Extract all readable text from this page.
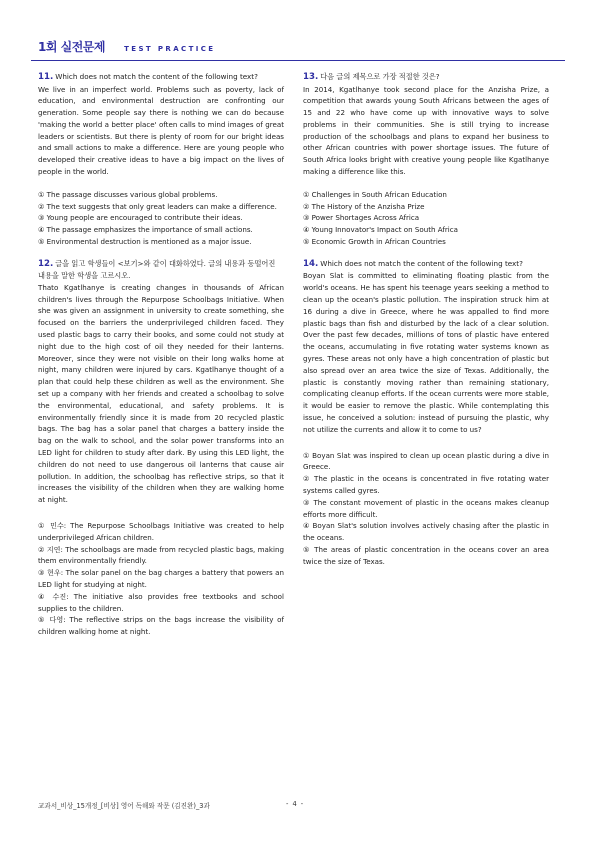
1회 실전문제	TEST PRACTICE
11. Which does not match the content of the following text?

We live in an imperfect world. Problems such as poverty, lack of education, and environmental destruction are confronting our generation. Some people say there is nothing we can do because 'making the world a better place' often calls to mind images of great leaders or scientists. But there is plenty of room for our bright ideas and small actions to make a difference. Here are young people who developed their creative ideas to have a big impact on the lives of people in the world.

① The passage discusses various global problems.

② The text suggests that only great leaders can make a difference.

③ Young people are encouraged to contribute their ideas.

④ The passage emphasizes the importance of small actions.

⑤ Environmental destruction is mentioned as a major issue.

12. 글을 읽고 학생들이 <보기>와 같이 대화하였다. 글의 내용과 동떨어진 내용을 말한 학생을 고르시오.

Thato Kgatlhanye is creating changes in thousands of African children's lives through the Repurpose Schoolbags Initiative. When she was given an assignment in university to create something, she focused on the barriers the underprivileged children faced. They used plastic bags to carry their books, and some could not study at night due to the high cost of oil they needed for their lanterns. Moreover, since they were not visible on their long walks home at night, many children were injured by cars. Kgatlhanye thought of a plan that could help these children as well as the environment. She set up a company with her friends and created a schoolbag to solve the environmental, educational, and safety problems. It is environmentally friendly since it is made from 20 recycled plastic bags. The bag has a solar panel that charges a battery inside the bag on the walk to school, and the solar power transforms into an LED light for children to study after dark. By using this LED light, the children do not need to use dangerous oil lanterns that cause air pollution. In addition, the schoolbag has reflective strips, so that it increases the visibility of the children when they are walking home at night.

① 민수: The Repurpose Schoolbags Initiative was created to help underprivileged African children.

② 지연: The schoolbags are made from recycled plastic bags, making them environmentally friendly.

③ 현우: The solar panel on the bag charges a battery that powers an LED light for studying at night.

④ 수진: The initiative also provides free textbooks and school supplies to the children.

⑤ 다영: The reflective strips on the bags increase the visibility of children walking home at night.

13. 다음 글의 제목으로 가장 적절한 것은?

In 2014, Kgatlhanye took second place for the Anzisha Prize, a competition that awards young South Africans between the ages of 15 and 22 who have come up with innovative ways to solve problems in their communities. She is still trying to increase production of the schoolbags and plans to expand her business to other African countries with power shortage issues. The future of South Africa looks bright with creative young people like Kgatlhanye making a difference like this.

① Challenges in South African Education

② The History of the Anzisha Prize

③ Power Shortages Across Africa

④ Young Innovator's Impact on South Africa

⑤ Economic Growth in African Countries

14. Which does not match the content of the following text?

Boyan Slat is committed to eliminating floating plastic from the world's oceans. He has spent his teenage years seeking a method to clean up the ocean's plastic pollution. The inspiration struck him at 16 during a dive in Greece, where he was appalled to find more plastic bags than fish and disturbed by the lack of a clear solution. Over the past few decades, millions of tons of plastic have entered the oceans, accumulating in five rotating water systems known as gyres. These areas not only have a high concentration of plastic but also spread over an area twice the size of Texas. Additionally, the plastic is constantly moving rather than remaining stationary, complicating cleanup efforts. If the ocean currents were more stable, it would be easier to remove the plastic. While contemplating this issue, he conceived a solution: instead of pursuing the plastic, why not utilize the currents and allow it to come to us?

① Boyan Slat was inspired to clean up ocean plastic during a dive in Greece.

② The plastic in the oceans is concentrated in five rotating water systems called gyres.

③ The constant movement of plastic in the oceans makes cleanup efforts more difficult.

④ Boyan Slat's solution involves actively chasing after the plastic in the oceans.

⑤ The areas of plastic concentration in the oceans cover an area twice the size of Texas.

교과서_비상_15개정_[비상] 영어 독해와 작문 (김진완)_3과	- 4 -
